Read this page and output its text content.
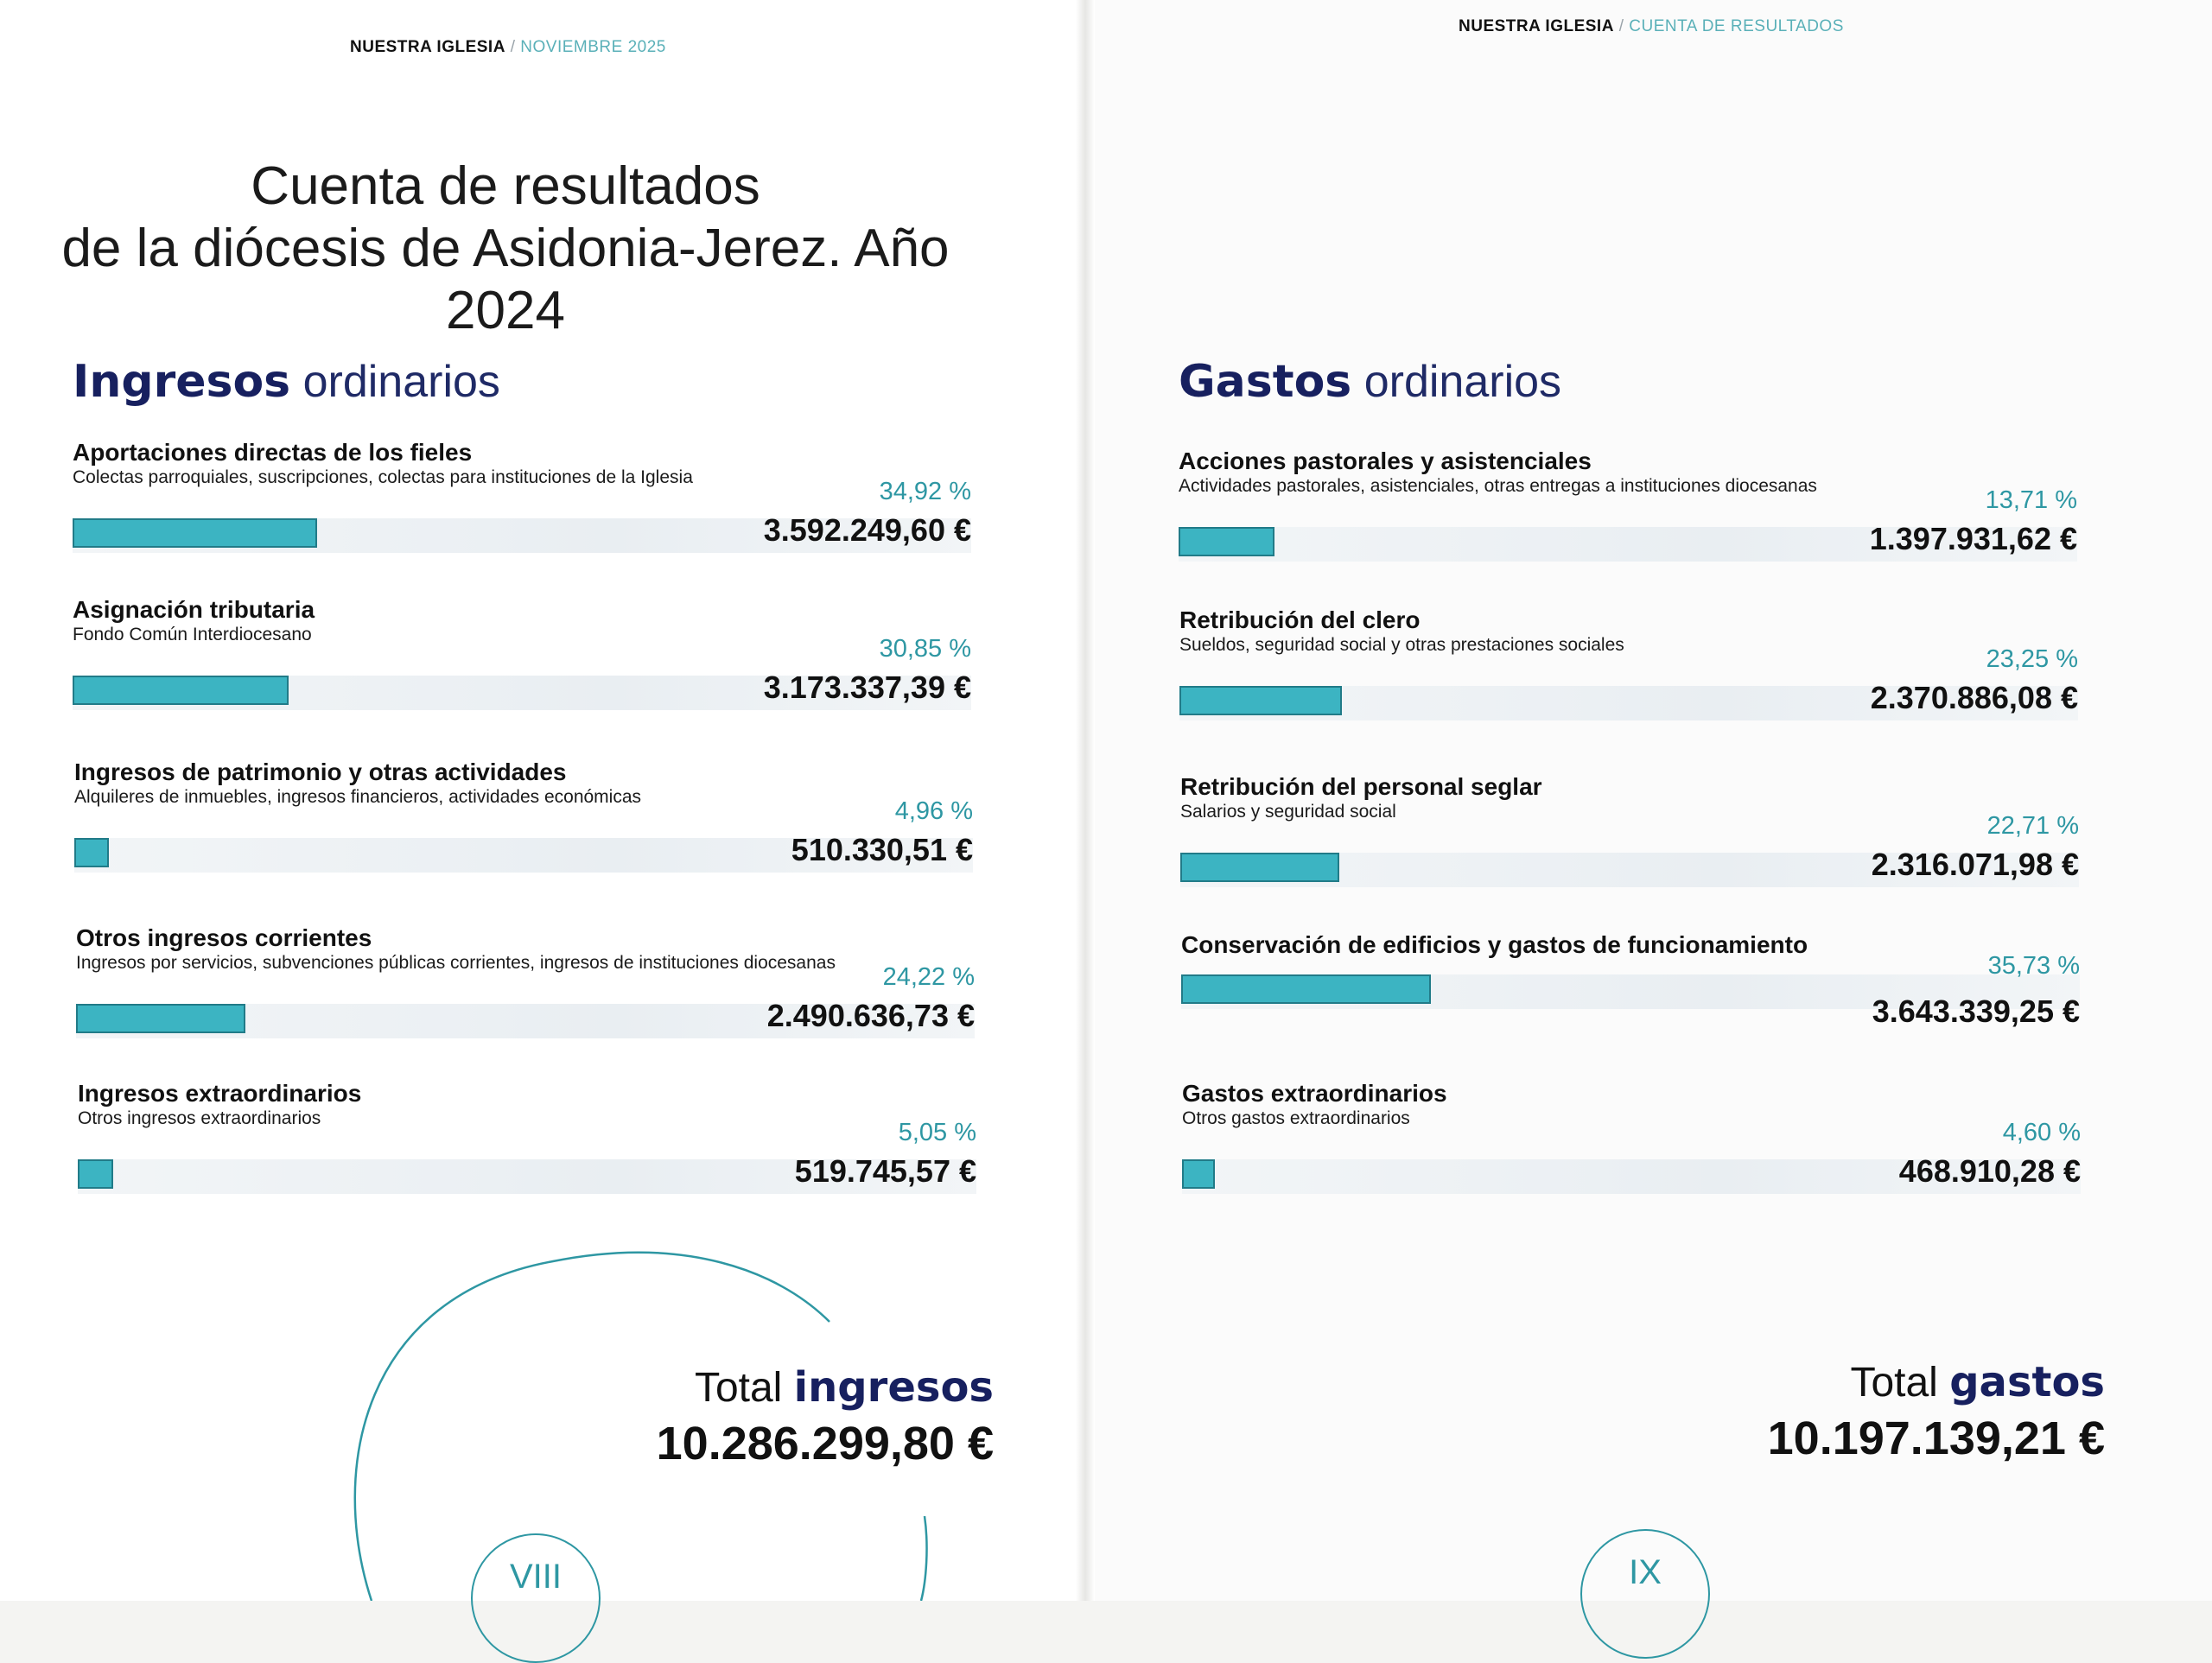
NUESTRA IGLESIA / NOVIEMBRE 2025
Cuenta de resultados
de la diócesis de Asidonia-Jerez. Año 2024
Ingresos ordinarios
Aportaciones directas de los fieles
Colectas parroquiales, suscripciones, colectas para instituciones de la Iglesia
34,92 %
3.592.249,60 €
Asignación tributaria
Fondo Común Interdiocesano
30,85 %
3.173.337,39 €
Ingresos de patrimonio y otras actividades
Alquileres de inmuebles, ingresos financieros, actividades económicas
4,96 %
510.330,51 €
Otros ingresos corrientes
Ingresos por servicios, subvenciones públicas corrientes, ingresos de instituciones diocesanas
24,22 %
2.490.636,73 €
Ingresos extraordinarios
Otros ingresos extraordinarios
5,05 %
519.745,57 €
Total ingresos
10.286.299,80 €
VIII
NUESTRA IGLESIA / CUENTA DE RESULTADOS
Gastos ordinarios
Acciones pastorales y asistenciales
Actividades pastorales, asistenciales, otras entregas a instituciones diocesanas
13,71 %
1.397.931,62 €
Retribución del clero
Sueldos, seguridad social y otras prestaciones sociales
23,25 %
2.370.886,08 €
Retribución del personal seglar
Salarios y seguridad social
22,71 %
2.316.071,98 €
Conservación de edificios y gastos de funcionamiento
35,73 %
3.643.339,25 €
Gastos extraordinarios
Otros gastos extraordinarios
4,60 %
468.910,28 €
Total gastos
10.197.139,21 €
IX
